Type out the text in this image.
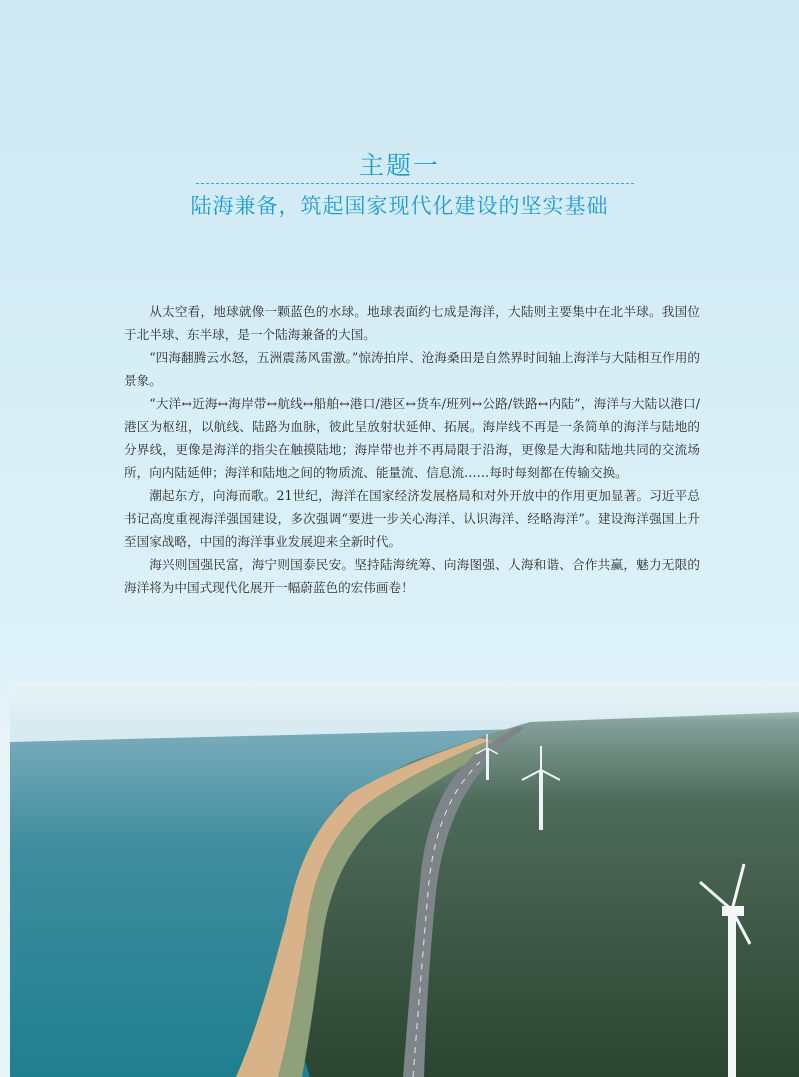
主题一
陆海兼备，筑起国家现代化建设的坚实基础

从太空看，地球就像一颗蓝色的水球。地球表面约七成是海洋，大陆则主要集中在北半球。我国位于北半球、东半球，是一个陆海兼备的大国。

“四海翻腾云水怒，五洲震荡风雷激。”惊涛拍岸、沧海桑田是自然界时间轴上海洋与大陆相互作用的景象。

“大洋↔近海↔海岸带↔航线↔船舶↔港口/港区↔货车/班列↔公路/铁路↔内陆”，海洋与大陆以港口/港区为枢纽，以航线、陆路为血脉，彼此呈放射状延伸、拓展。海岸线不再是一条简单的海洋与陆地的分界线，更像是海洋的指尖在触摸陆地；海岸带也并不再局限于沿海，更像是大海和陆地共同的交流场所，向内陆延伸；海洋和陆地之间的物质流、能量流、信息流……每时每刻都在传输交换。

潮起东方，向海而歌。21世纪，海洋在国家经济发展格局和对外开放中的作用更加显著。习近平总书记高度重视海洋强国建设，多次强调“要进一步关心海洋、认识海洋、经略海洋”。建设海洋强国上升至国家战略，中国的海洋事业发展迎来全新时代。

海兴则国强民富，海宁则国泰民安。坚持陆海统筹、向海图强、人海和谐、合作共赢，魅力无限的海洋将为中国式现代化展开一幅蔚蓝色的宏伟画卷！
